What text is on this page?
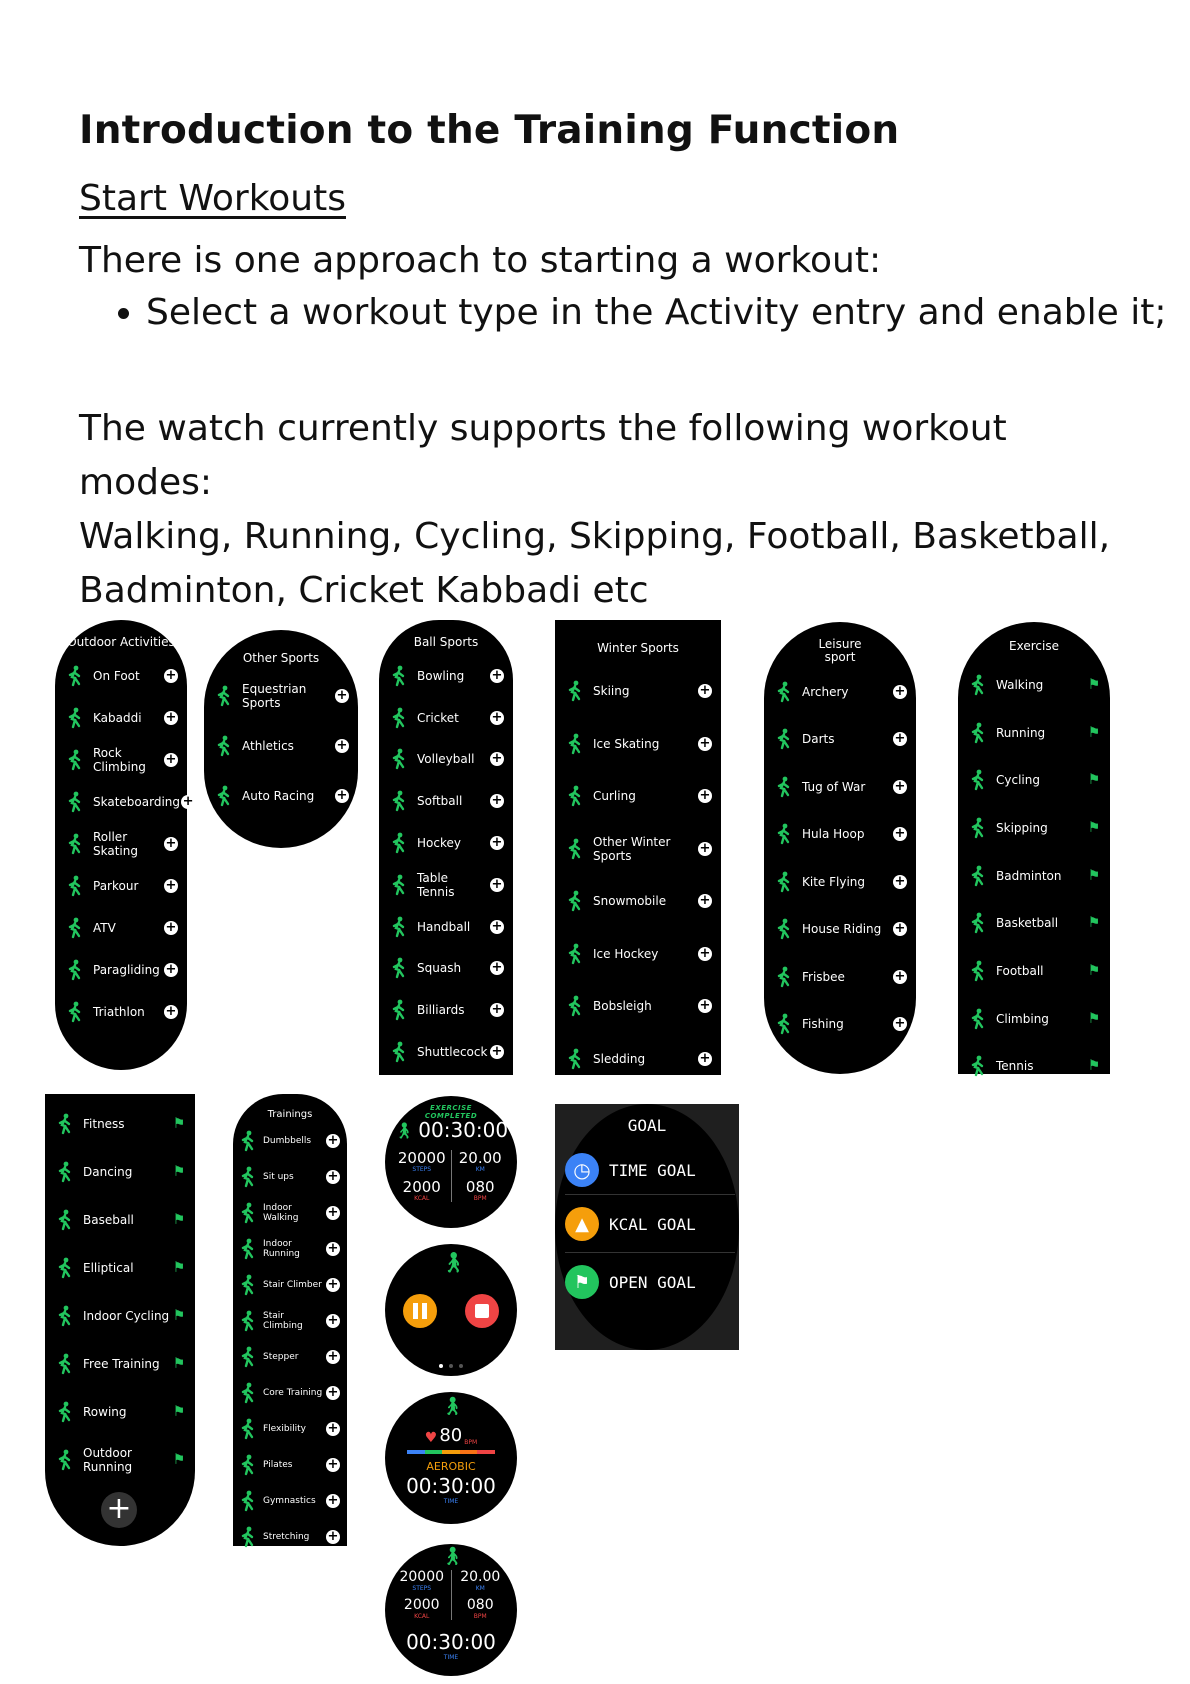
Introduction to the Training Function
Start Workouts

There is one approach to starting a workout:

• Select a workout type in the Activity entry and enable it;
The watch currently supports the following workout modes:
Walking, Running, Cycling, Skipping, Football, Basketball,
Badminton, Cricket Kabbadi etc
Outdoor Activities
On Foot	+
Kabaddi	+
Rock Climbing	+
Skateboarding +
Roller Skating	+
Parkour	+
ATV	+
Paragliding +
Triathlon	+
Other Sports
Equestrian Sports	+
Athletics	+
Auto Racing	+
Ball Sports
Bowling	+
Cricket	+
Volleyball	+
Softball	+
Hockey	+
Table Tennis	+
Handball	+
Squash	+
Billiards	+
Shuttlecock +
Winter Sports
Skiing	+
Ice Skating	+
Curling	+
Other Winter Sports	+
Snowmobile	+
Ice Hockey	+
Bobsleigh	+
Sledding	+
Leisure sport
Archery	+
Darts	+
Tug of War	+
Hula Hoop	+
Kite Flying	+
House Riding	+
Frisbee	+
Fishing	+
Exercise
Walking	⚑
Running	⚑
Cycling	⚑
Skipping	⚑
Badminton	⚑
Basketball	⚑
Football	⚑
Climbing	⚑
Tennis	⚑
Fitness	⚑
Dancing	⚑
Baseball	⚑
Elliptical	⚑
Indoor Cycling ⚑
Free Training ⚑
Rowing	⚑
Outdoor Running	⚑
+
Trainings
Dumbbells	+
Sit ups	+
Indoor Walking	+
Indoor Running	+
Stair Climber +
Stair Climbing	+
Stepper	+
Core Training +
Flexibility	+
Pilates	+
Gymnastics +
Stretching	+
EXERCISE COMPLETED
🚶︎ 00:30:00
20000
STEPS
2000
KCAL
20.00
KM
080
BPM
🚶︎
🚶︎
♥ 80 BPM
AEROBIC
00:30:00
TIME
🚶︎
20000
STEPS
2000
KCAL
20.00
KM
080
BPM
00:30:00
TIME
GOAL
◷	TIME GOAL
▲	KCAL GOAL
⚑	OPEN GOAL
